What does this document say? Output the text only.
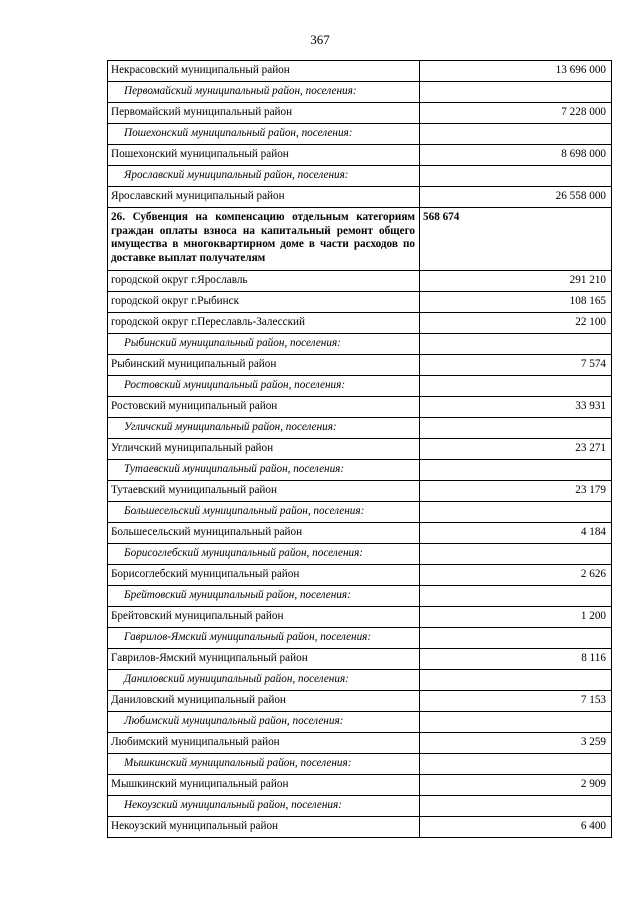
367
Некрасовский муниципальный район	13 696 000
Первомайский муниципальный район, поселения:	
Первомайский муниципальный район	7 228 000
Пошехонский муниципальный район, поселения:	
Пошехонский муниципальный район	8 698 000
Ярославский муниципальный район, поселения:	
Ярославский муниципальный район	26 558 000
26. Субвенция на компенсацию отдельным категориям граждан оплаты взноса на капитальный ремонт общего имущества в многоквартирном доме в части расходов по доставке выплат получателям	568 674
городской округ г.Ярославль	291 210
городской округ г.Рыбинск	108 165
городской округ г.Переславль-Залесский	22 100
Рыбинский муниципальный район, поселения:	
Рыбинский муниципальный район	7 574
Ростовский муниципальный район, поселения:	
Ростовский муниципальный район	33 931
Угличский муниципальный район, поселения:	
Угличский муниципальный район	23 271
Тутаевский муниципальный район, поселения:	
Тутаевский муниципальный район	23 179
Большесельский муниципальный район, поселения:	
Большесельский муниципальный район	4 184
Борисоглебский муниципальный район, поселения:	
Борисоглебский муниципальный район	2 626
Брейтовский муниципальный район, поселения:	
Брейтовский муниципальный район	1 200
Гаврилов-Ямский муниципальный район, поселения:	
Гаврилов-Ямский муниципальный район	8 116
Даниловский муниципальный район, поселения:	
Даниловский муниципальный район	7 153
Любимский муниципальный район, поселения:	
Любимский муниципальный район	3 259
Мышкинский муниципальный район, поселения:	
Мышкинский муниципальный район	2 909
Некоузский муниципальный район, поселения:	
Некоузский муниципальный район	6 400
